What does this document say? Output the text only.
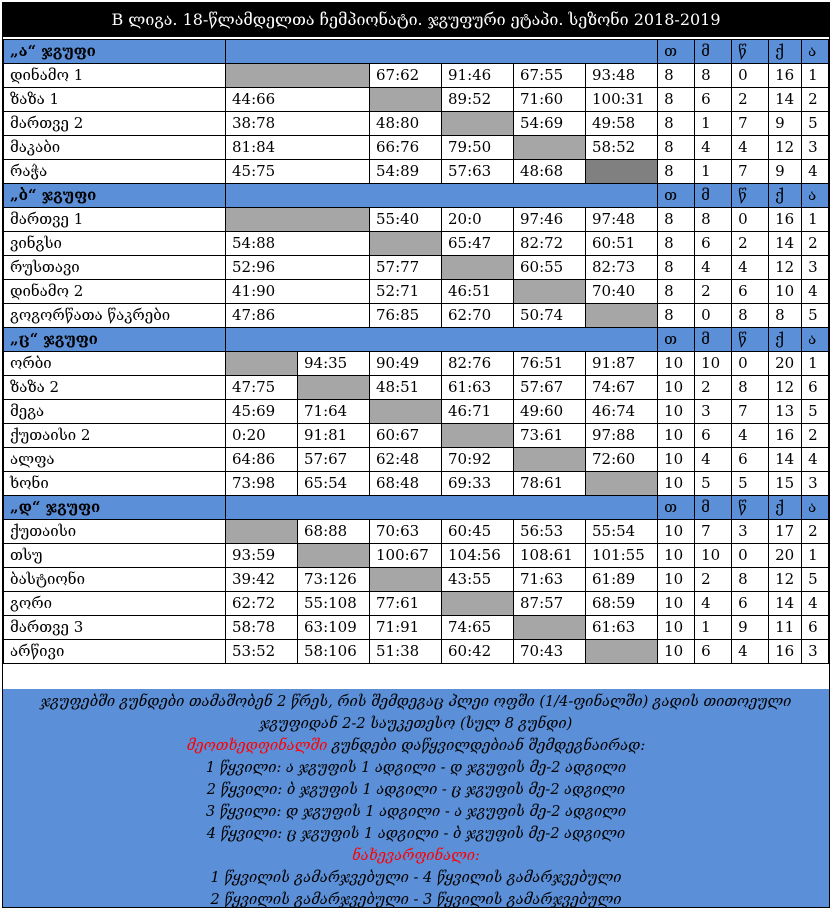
B ლიგა. 18-წლამდელთა ჩემპიონატი. ჯგუფური ეტაპი. სეზონი 2018-2019
„ა“ ჯგუფი							თ	მ	წ	ქ	ა
დინამო 1			67:62	91:46	67:55	93:48	8	8	0	16	1
ზაზა 1	44:66			89:52	71:60	100:31	8	6	2	14	2
მართვე 2	38:78		48:80		54:69	49:58	8	1	7	9	5
მაკაბი	81:84		66:76	79:50		58:52	8	4	4	12	3
რაჭა	45:75		54:89	57:63	48:68		8	1	7	9	4
„ბ“ ჯგუფი							თ	მ	წ	ქ	ა
მართვე 1			55:40	20:0	97:46	97:48	8	8	0	16	1
ვინგსი	54:88			65:47	82:72	60:51	8	6	2	14	2
რუსთავი	52:96		57:77		60:55	82:73	8	4	4	12	3
დინამო 2	41:90		52:71	46:51		70:40	8	2	6	10	4
გოგორწათა წაკრები	47:86		76:85	62:70	50:74		8	0	8	8	5
„ც“ ჯგუფი							თ	მ	წ	ქ	ა
ორბი		94:35	90:49	82:76	76:51	91:87	10	10	0	20	1
ზაზა 2	47:75		48:51	61:63	57:67	74:67	10	2	8	12	6
მეგა	45:69	71:64		46:71	49:60	46:74	10	3	7	13	5
ქუთაისი 2	0:20	91:81	60:67		73:61	97:88	10	6	4	16	2
ალფა	64:86	57:67	62:48	70:92		72:60	10	4	6	14	4
ხონი	73:98	65:54	68:48	69:33	78:61		10	5	5	15	3
„დ“ ჯგუფი							თ	მ	წ	ქ	ა
ქუთაისი		68:88	70:63	60:45	56:53	55:54	10	7	3	17	2
თსუ	93:59		100:67	104:56	108:61	101:55	10	10	0	20	1
ბასტიონი	39:42	73:126		43:55	71:63	61:89	10	2	8	12	5
გორი	62:72	55:108	77:61		87:57	68:59	10	4	6	14	4
მართვე 3	58:78	63:109	71:91	74:65		61:63	10	1	9	11	6
არწივი	53:52	58:106	51:38	60:42	70:43		10	6	4	16	3
ჯგუფებში გუნდები თამაშობენ 2 წრეს, რის შემდეგაც პლეი ოფში (1/4-ფინალში) გადის თითოეული
ჯგუფიდან 2-2 საუკეთესო (სულ 8 გუნდი)
მეოთხედფინალში გუნდები დაწყვილდებიან შემდეგნაირად:
1 წყვილი: ა ჯგუფის 1 ადგილი - დ ჯგუფის მე-2 ადგილი
2 წყვილი: ბ ჯგუფის 1 ადგილი - ც ჯგუფის მე-2 ადგილი
3 წყვილი: დ ჯგუფის 1 ადგილი - ა ჯგუფის მე-2 ადგილი
4 წყვილი: ც ჯგუფის 1 ადგილი - ბ ჯგუფის მე-2 ადგილი
ნახევარფინალი:
1 წყვილის გამარჯვებული - 4 წყვილის გამარჯვებული
2 წყვილის გამარჯვებული - 3 წყვილის გამარჯვებული
